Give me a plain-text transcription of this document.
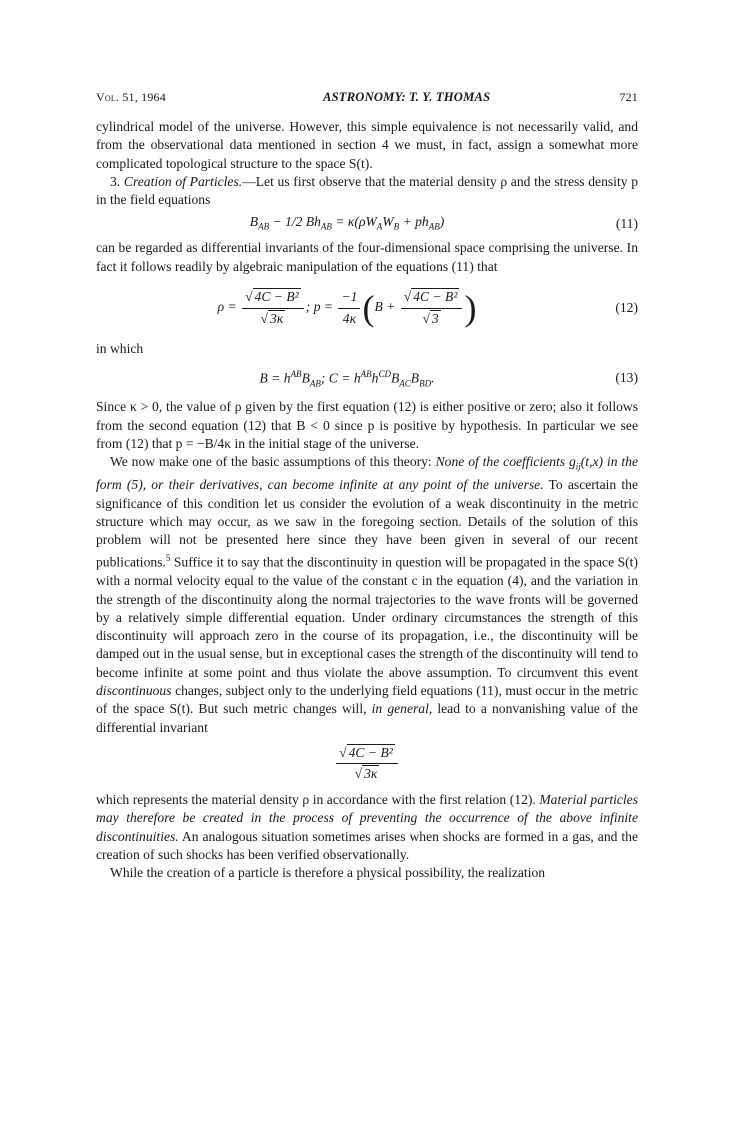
Vol. 51, 1964	ASTRONOMY: T. Y. THOMAS	721

cylindrical model of the universe. However, this simple equivalence is not necessarily valid, and from the observational data mentioned in section 4 we must, in fact, assign a somewhat more complicated topological structure to the space S(t).

3. Creation of Particles.—Let us first observe that the material density ρ and the stress density p in the field equations

$B_{AB} - 1/2$ $Bh_{AB} = \kappa(\rho W_AW_B + ph_{AB})$	(11)

can be regarded as differential invariants of the four-dimensional space comprising the universe. In fact it follows readily by algebraic manipulation of the equations (11) that

$\rho = \frac{\text{√ 4C − B²}}{√ 3\kappa}$ ; $p = \frac{-1}{4\kappa} (B + \frac{\text{√ 4C − B²}}{√ 3}$ )	(12)

in which

$B = h^{AB}B_{AB}$; $C = h^{AB}h^{CD}B_{AC}B_{BD}$.	(13)

Since κ > 0, the value of ρ given by the first equation (12) is either positive or zero; also it follows from the second equation (12) that B < 0 since p is positive by hypothesis. In particular we see from (12) that p = −B/4κ in the initial stage of the universe.

We now make one of the basic assumptions of this theory: None of the coefficients $g_{ij}(t,x)$ in the form (5), or their derivatives, can become infinite at any point of the universe. To ascertain the significance of this condition let us consider the evolution of a weak discontinuity in the metric structure which may occur, as we saw in the foregoing section. Details of the solution of this problem will not be presented here since they have been given in several of our recent publications.$^5$ Suffice it to say that the discontinuity in question will be propagated in the space S(t) with a normal velocity equal to the value of the constant c in the equation (4), and the variation in the strength of the discontinuity along the normal trajectories to the wave fronts will be governed by a relatively simple differential equation. Under ordinary circumstances the strength of this discontinuity will approach zero in the course of its propagation, i.e., the discontinuity will be damped out in the usual sense, but in exceptional cases the strength of the discontinuity will tend to become infinite at some point and thus violate the above assumption. To circumvent this event discontinuous changes, subject only to the underlying field equations (11), must occur in the metric of the space S(t). But such metric changes will, in general, lead to a nonvanishing value of the differential invariant

$\frac{\text{√ 4C − B²}}{√ 3\kappa}$

which represents the material density ρ in accordance with the first relation (12). Material particles may therefore be created in the process of preventing the occurrence of the above infinite discontinuities. An analogous situation sometimes arises when shocks are formed in a gas, and the creation of such shocks has been verified observationally.

While the creation of a particle is therefore a physical possibility, the realization
